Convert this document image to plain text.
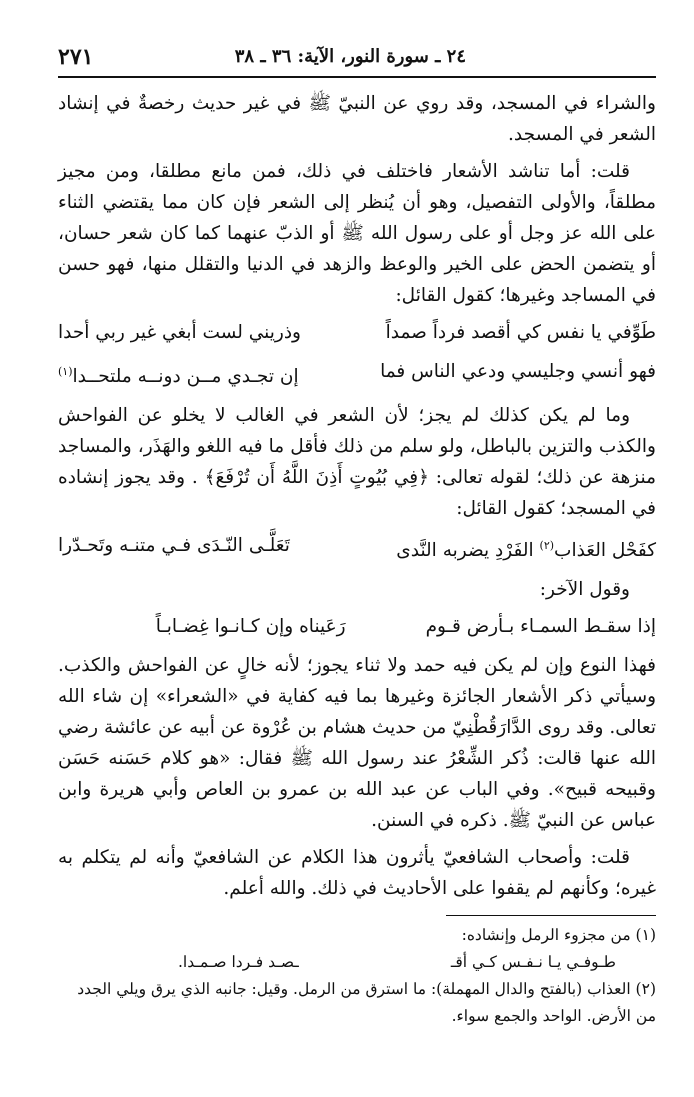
٢٤ ـ سورة النور، الآية: ٣٦ ـ ٣٨
٢٧١

والشراء في المسجد، وقد روي عن النبيّ ﷺ في غير حديث رخصةٌ في إنشاد الشعر في المسجد.

قلت: أما تناشد الأشعار فاختلف في ذلك، فمن مانع مطلقا، ومن مجيز مطلقاً، والأولى التفصيل، وهو أن يُنظر إلى الشعر فإن كان مما يقتضي الثناء على الله عز وجل أو على رسول الله ﷺ أو الذبّ عنهما كما كان شعر حسان، أو يتضمن الحض على الخير والوعظ والزهد في الدنيا والتقلل منها، فهو حسن في المساجد وغيرها؛ كقول القائل:

طَوِّفي يا نفس كي أقصد فرداً صمداً
وذريني لست أبغي غير ربي أحدا
فهو أنسي وجليسي ودعي الناس فما
إن تجـدي مــن دونــه ملتحــدا$^{(١)}$

وما لم يكن كذلك لم يجز؛ لأن الشعر في الغالب لا يخلو عن الفواحش والكذب والتزين بالباطل، ولو سلم من ذلك فأقل ما فيه اللغو والهَذَر، والمساجد منزهة عن ذلك؛ لقوله تعالى: ﴿فِي بُيُوتٍ أَذِنَ اللَّهُ أَن تُرْفَعَ﴾ . وقد يجوز إنشاده في المسجد؛ كقول القائل:

كفَحْل العَذاب$^{(٢)}$ الفَرْدِ يضربه النَّدى
تَعَلَّـى النّـدَى فـي متنـه وتَحـدّرا

وقول الآخر:

إذا سقـط السمـاء بـأرض قـوم
رَعَيناه وإن كـانـوا غِضـابـاً

فهذا النوع وإن لم يكن فيه حمد ولا ثناء يجوز؛ لأنه خالٍ عن الفواحش والكذب. وسيأتي ذكر الأشعار الجائزة وغيرها بما فيه كفاية في «الشعراء» إن شاء الله تعالى. وقد روى الدَّارَقُطْنِيّ من حديث هشام بن عُرْوة عن أبيه عن عائشة رضي الله عنها قالت: ذُكر الشِّعْرُ عند رسول الله ﷺ فقال: «هو كلام حَسَنه حَسَن وقبيحه قبيح». وفي الباب عن عبد الله بن عمرو بن العاص وأبي هريرة وابن عباس عن النبيّ ﷺ. ذكره في السنن.

قلت: وأصحاب الشافعيّ يأثرون هذا الكلام عن الشافعيّ وأنه لم يتكلم به غيره؛ وكأنهم لم يقفوا على الأحاديث في ذلك. والله أعلم.

(١) من مجزوء الرمل وإنشاده:

طـوفـي يـا نـفـس كـي أقـ
ـصـد فـردا صـمـدا.

(٢) العذاب (بالفتح والدال المهملة): ما استرق من الرمل. وقيل: جانبه الذي يرق ويلي الجدد من الأرض. الواحد والجمع سواء.
